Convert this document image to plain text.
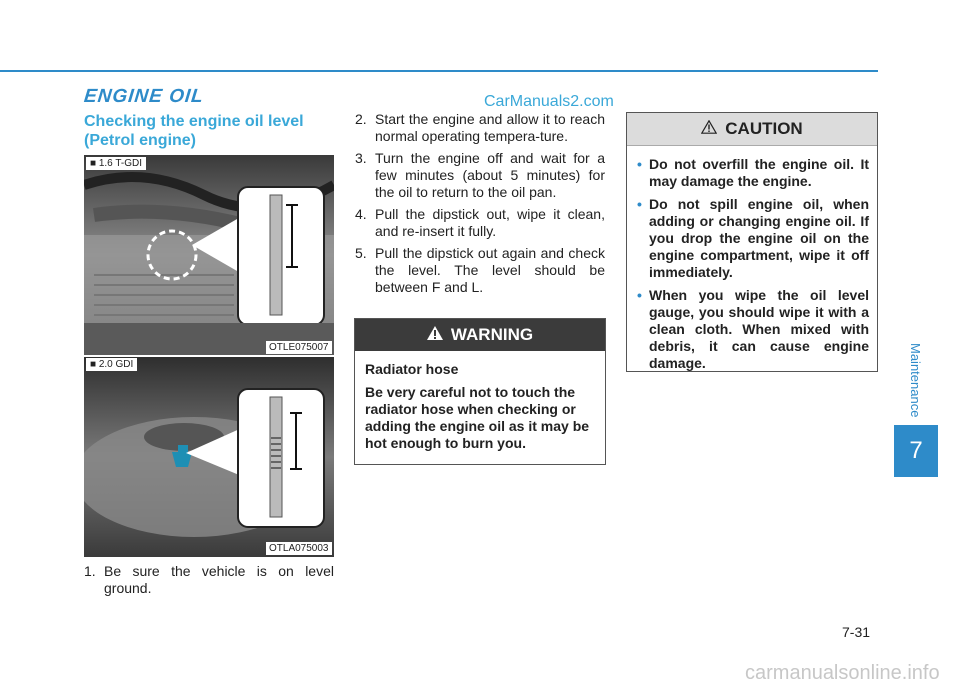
ENGINE OIL	CarManuals2.com
Checking the engine oil level (Petrol engine)
■ 1.6 T-GDI
OTLE075007
■ 2.0 GDI
OTLA075003
1. Be sure the vehicle is on level ground.
2. Start the engine and allow it to reach normal operating tempera-ture.
3. Turn the engine off and wait for a few minutes (about 5 minutes) for the oil to return to the oil pan.
4. Pull the dipstick out, wipe it clean, and re-insert it fully.
5. Pull the dipstick out again and check the level. The level should be between F and L.
WARNING

Radiator hose

Be very careful not to touch the radiator hose when checking or adding the engine oil as it may be hot enough to burn you.

CAUTION
• Do not overfill the engine oil. It may damage the engine.
• Do not spill engine oil, when adding or changing engine oil. If you drop the engine oil on the engine compartment, wipe it off immediately.
• When you wipe the oil level gauge, you should wipe it with a clean cloth. When mixed with debris, it can cause engine damage.	Maintenance
7
7-31
carmanualsonline.info
